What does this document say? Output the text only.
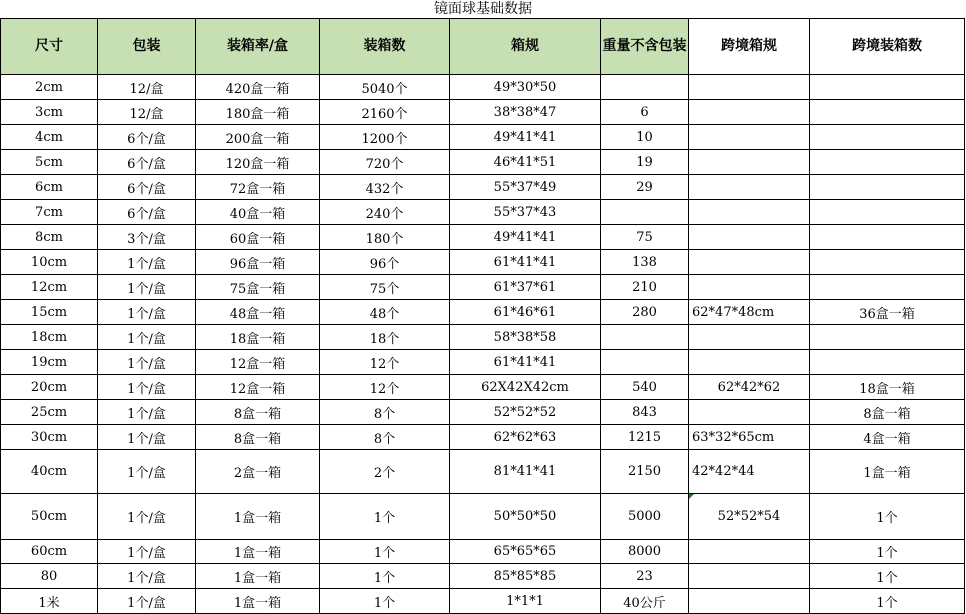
镜面球基础数据
尺寸	包装	装箱率/盒	装箱数	箱规	重量不含包装	跨境箱规	跨境装箱数
2cm	12/盒	420盒一箱	5040个	49*30*50			
3cm	12/盒	180盒一箱	2160个	38*38*47	6		
4cm	6个/盒	200盒一箱	1200个	49*41*41	10		
5cm	6个/盒	120盒一箱	720个	46*41*51	19		
6cm	6个/盒	72盒一箱	432个	55*37*49	29		
7cm	6个/盒	40盒一箱	240个	55*37*43			
8cm	3个/盒	60盒一箱	180个	49*41*41	75		
10cm	1个/盒	96盒一箱	96个	61*41*41	138		
12cm	1个/盒	75盒一箱	75个	61*37*61	210		
15cm	1个/盒	48盒一箱	48个	61*46*61	280	62*47*48cm	36盒一箱
18cm	1个/盒	18盒一箱	18个	58*38*58			
19cm	1个/盒	12盒一箱	12个	61*41*41			
20cm	1个/盒	12盒一箱	12个	62X42X42cm	540	62*42*62	18盒一箱
25cm	1个/盒	8盒一箱	8个	52*52*52	843		8盒一箱
30cm	1个/盒	8盒一箱	8个	62*62*63	1215	63*32*65cm	4盒一箱
40cm	1个/盒	2盒一箱	2个	81*41*41	2150	42*42*44	1盒一箱
50cm	1个/盒	1盒一箱	1个	50*50*50	5000	52*52*54	1个
60cm	1个/盒	1盒一箱	1个	65*65*65	8000		1个
80	1个/盒	1盒一箱	1个	85*85*85	23		1个
1米	1个/盒	1盒一箱	1个	1*1*1	40公斤		1个
